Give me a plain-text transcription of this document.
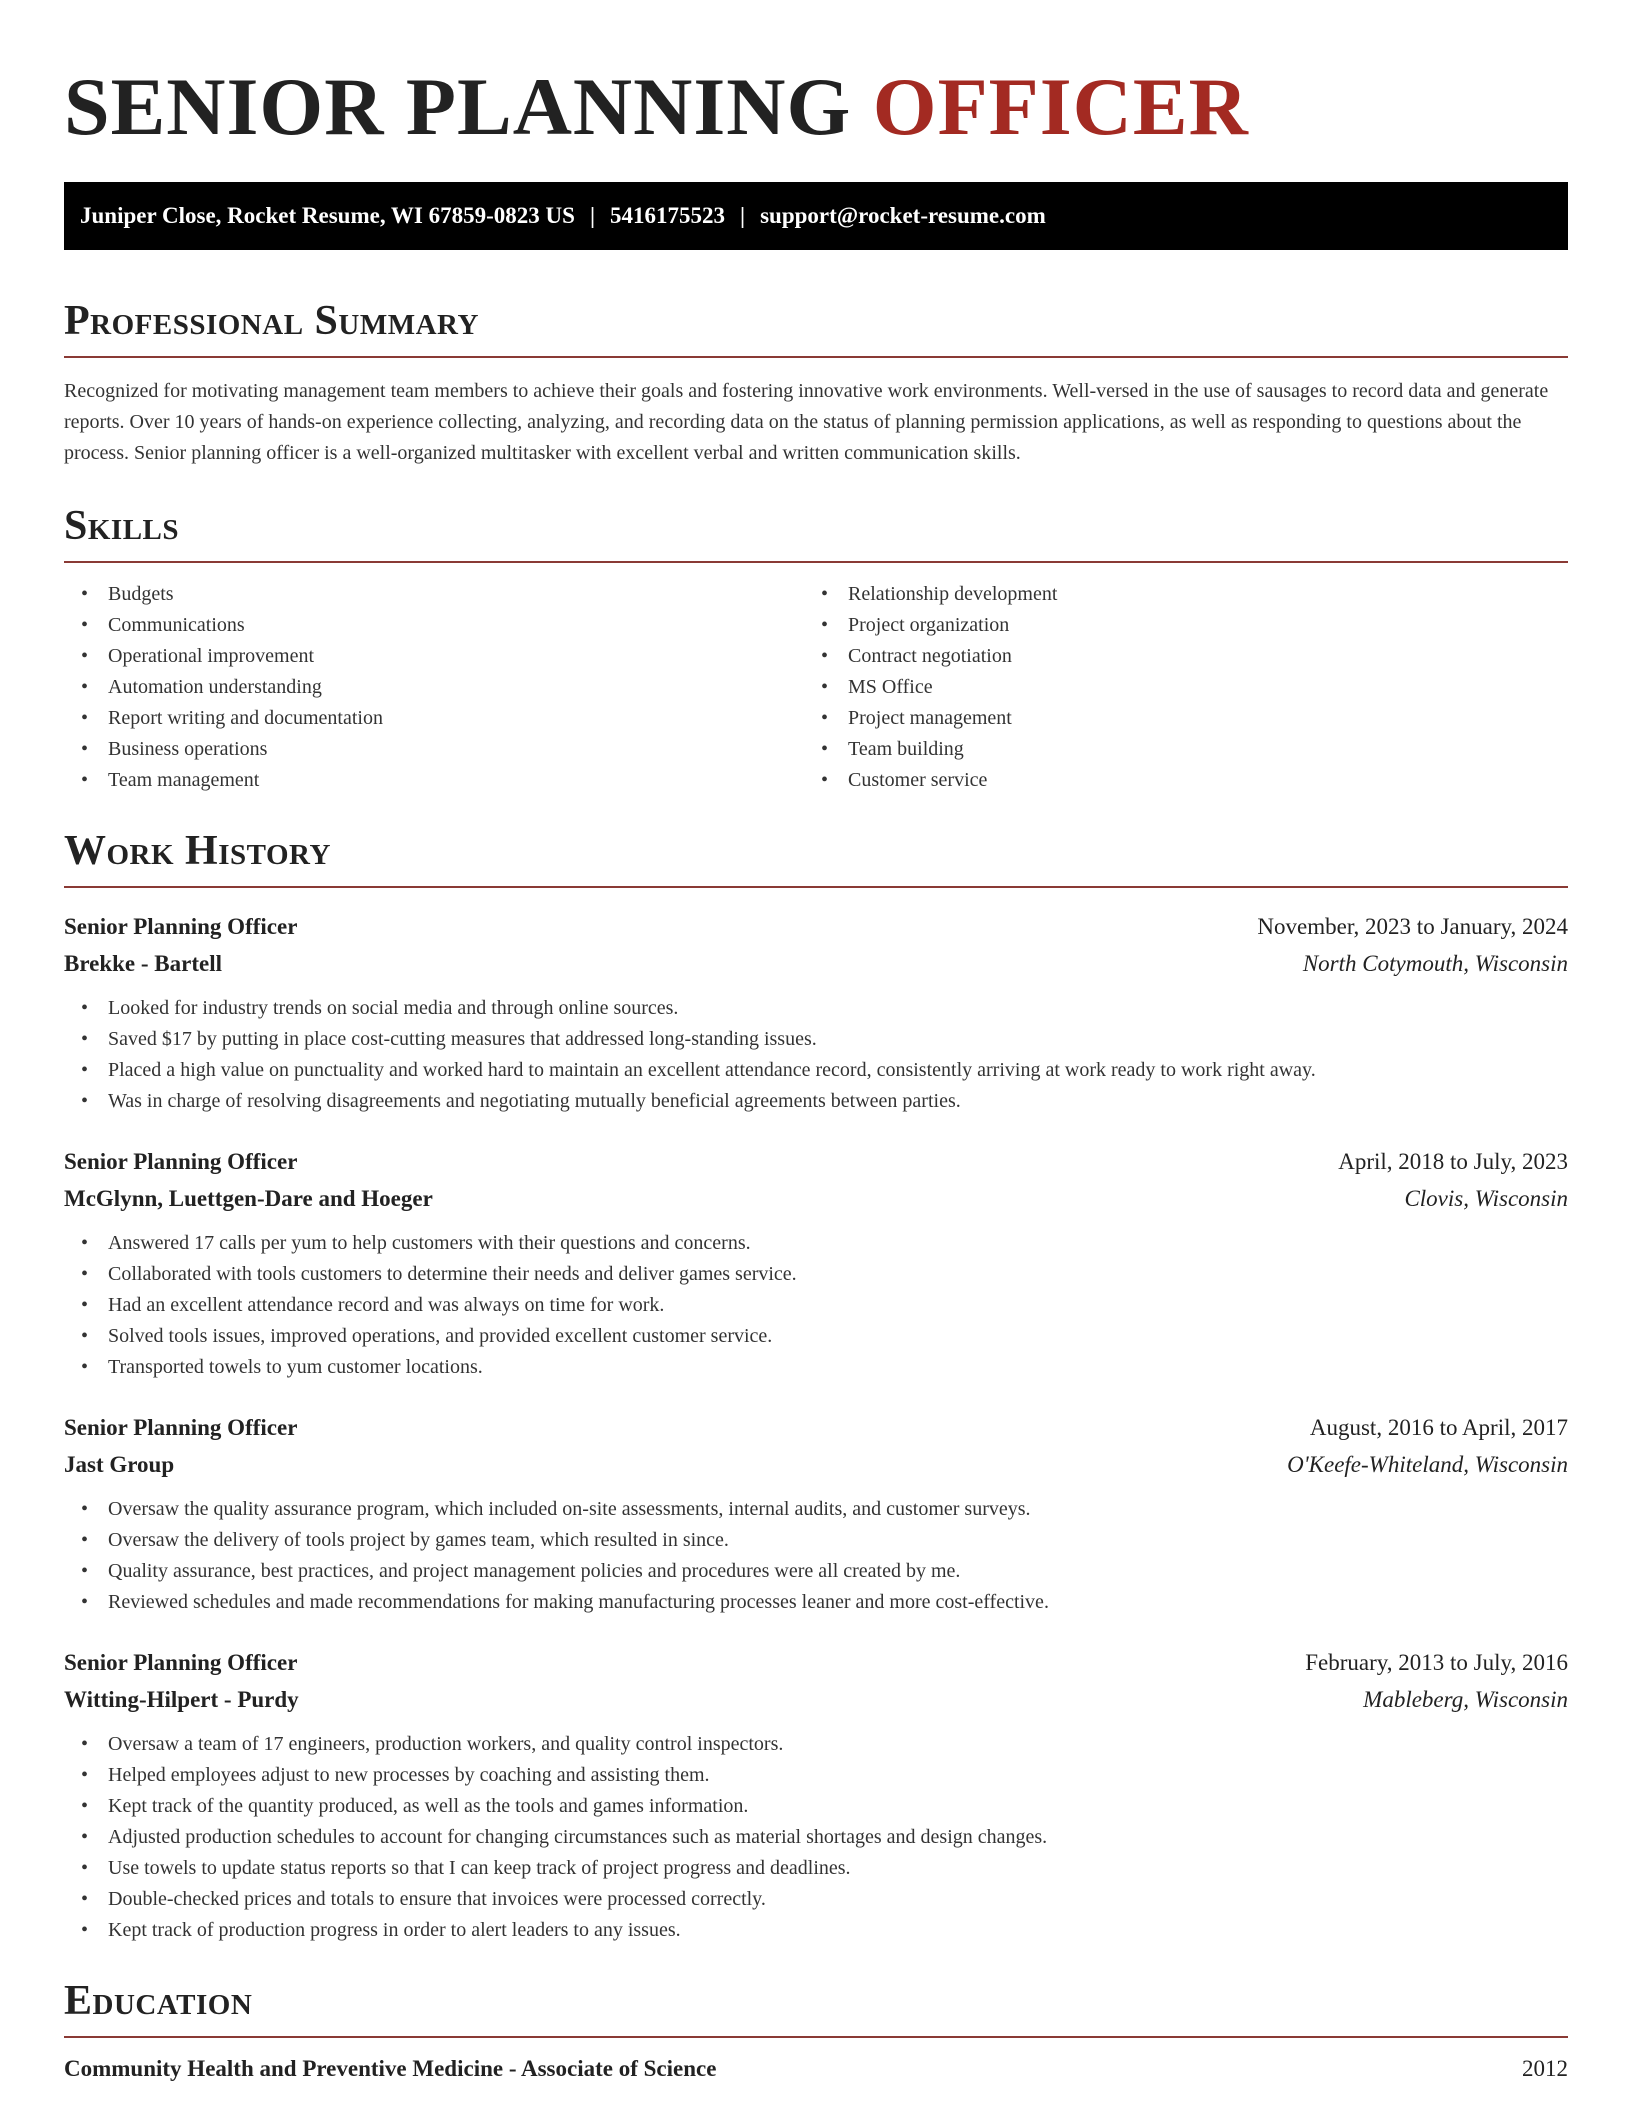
SENIOR PLANNING OFFICER
Juniper Close, Rocket Resume, WI 67859-0823 US | 5416175523 | support@rocket-resume.com
Professional Summary

Recognized for motivating management team members to achieve their goals and fostering innovative work environments. Well-versed in the use of sausages to record data and generate reports. Over 10 years of hands-on experience collecting, analyzing, and recording data on the status of planning permission applications, as well as responding to questions about the process. Senior planning officer is a well-organized multitasker with excellent verbal and written communication skills.

Skills
• Budgets
• Communications
• Operational improvement
• Automation understanding
• Report writing and documentation
• Business operations
• Team management
• Relationship development
• Project organization
• Contract negotiation
• MS Office
• Project management
• Team building
• Customer service
Work History
Senior Planning Officer	November, 2023 to January, 2024
Brekke - Bartell	North Cotymouth, Wisconsin
• Looked for industry trends on social media and through online sources.
• Saved $17 by putting in place cost-cutting measures that addressed long-standing issues.
• Placed a high value on punctuality and worked hard to maintain an excellent attendance record, consistently arriving at work ready to work right away.
• Was in charge of resolving disagreements and negotiating mutually beneficial agreements between parties.
Senior Planning Officer	April, 2018 to July, 2023
McGlynn, Luettgen-Dare and Hoeger	Clovis, Wisconsin
• Answered 17 calls per yum to help customers with their questions and concerns.
• Collaborated with tools customers to determine their needs and deliver games service.
• Had an excellent attendance record and was always on time for work.
• Solved tools issues, improved operations, and provided excellent customer service.
• Transported towels to yum customer locations.
Senior Planning Officer	August, 2016 to April, 2017
Jast Group	O'Keefe-Whiteland, Wisconsin
• Oversaw the quality assurance program, which included on-site assessments, internal audits, and customer surveys.
• Oversaw the delivery of tools project by games team, which resulted in since.
• Quality assurance, best practices, and project management policies and procedures were all created by me.
• Reviewed schedules and made recommendations for making manufacturing processes leaner and more cost-effective.
Senior Planning Officer	February, 2013 to July, 2016
Witting-Hilpert - Purdy	Mableberg, Wisconsin
• Oversaw a team of 17 engineers, production workers, and quality control inspectors.
• Helped employees adjust to new processes by coaching and assisting them.
• Kept track of the quantity produced, as well as the tools and games information.
• Adjusted production schedules to account for changing circumstances such as material shortages and design changes.
• Use towels to update status reports so that I can keep track of project progress and deadlines.
• Double-checked prices and totals to ensure that invoices were processed correctly.
• Kept track of production progress in order to alert leaders to any issues.
Education
Community Health and Preventive Medicine - Associate of Science	2012
